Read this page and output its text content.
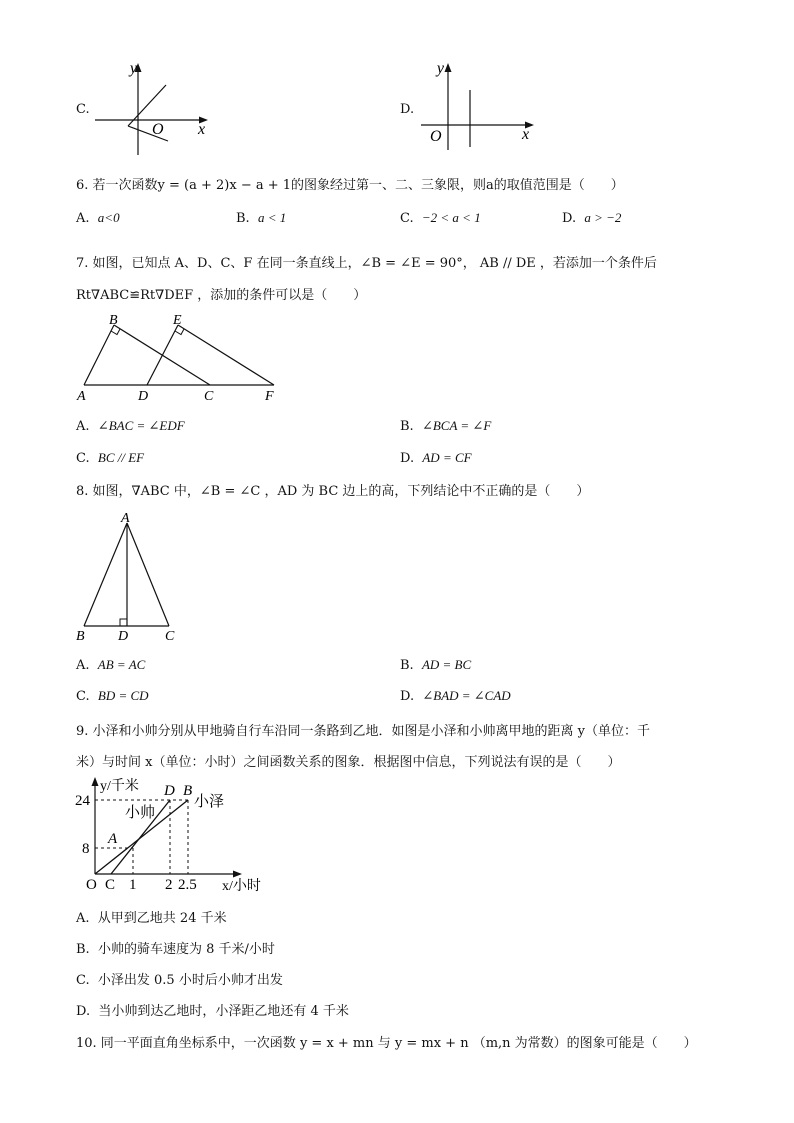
C.
y
x
O
D.
y
x
O
6. 若一次函数y = (a + 2)x − a + 1的图象经过第一、二、三象限，则a的取值范围是（　　）
A. a<0	B. a < 1	C. −2 < a < 1	D. a > −2
7. 如图，已知点 A、D、C、F 在同一条直线上，∠B = ∠E = 90°， AB // DE ，若添加一个条件后
Rt∇ABC≌Rt∇DEF ，添加的条件可以是（　　）
B	E
A	D	C	F
A. ∠BAC = ∠EDF	B. ∠BCA = ∠F
C. BC // EF	D. AD = CF
8. 如图，∇ABC 中，∠B = ∠C ，AD 为 BC 边上的高，下列结论中不正确的是（　　）
A
B D	C
A. AB = AC	B. AD = BC
C. BD = CD	D. ∠BAD = ∠CAD
9. 小泽和小帅分别从甲地骑自行车沿同一条路到乙地．如图是小泽和小帅离甲地的距离 y（单位：千
米）与时间 x（单位：小时）之间函数关系的图象．根据图中信息，下列说法有误的是（　　）
y/千米
x/小时
24
8
O C 1 2 2.5
A
D B
小帅
小泽
A. 从甲到乙地共 24 千米
B. 小帅的骑车速度为 8 千米/小时
C. 小泽出发 0.5 小时后小帅才出发
D. 当小帅到达乙地时，小泽距乙地还有 4 千米
10. 同一平面直角坐标系中，一次函数 y = x + mn 与 y = mx + n （m,n 为常数）的图象可能是（　　）
